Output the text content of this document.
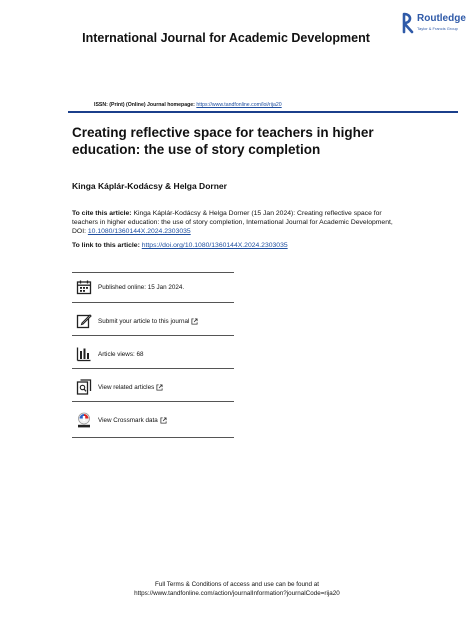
Routledge
Taylor & Francis Group
International Journal for Academic Development
ISSN: (Print) (Online) Journal homepage: https://www.tandfonline.com/loi/rija20
Creating reflective space for teachers in higher education: the use of story completion
Kinga Káplár-Kodácsy & Helga Dorner
To cite this article: Kinga Káplár-Kodácsy & Helga Dorner (15 Jan 2024): Creating reflective space for teachers in higher education: the use of story completion, International Journal for Academic Development, DOI: 10.1080/1360144X.2024.2303035
To link to this article: https://doi.org/10.1080/1360144X.2024.2303035
Published online: 15 Jan 2024.
Submit your article to this journal
Article views: 68
View related articles
View Crossmark data
Full Terms & Conditions of access and use can be found at
https://www.tandfonline.com/action/journalInformation?journalCode=rija20
